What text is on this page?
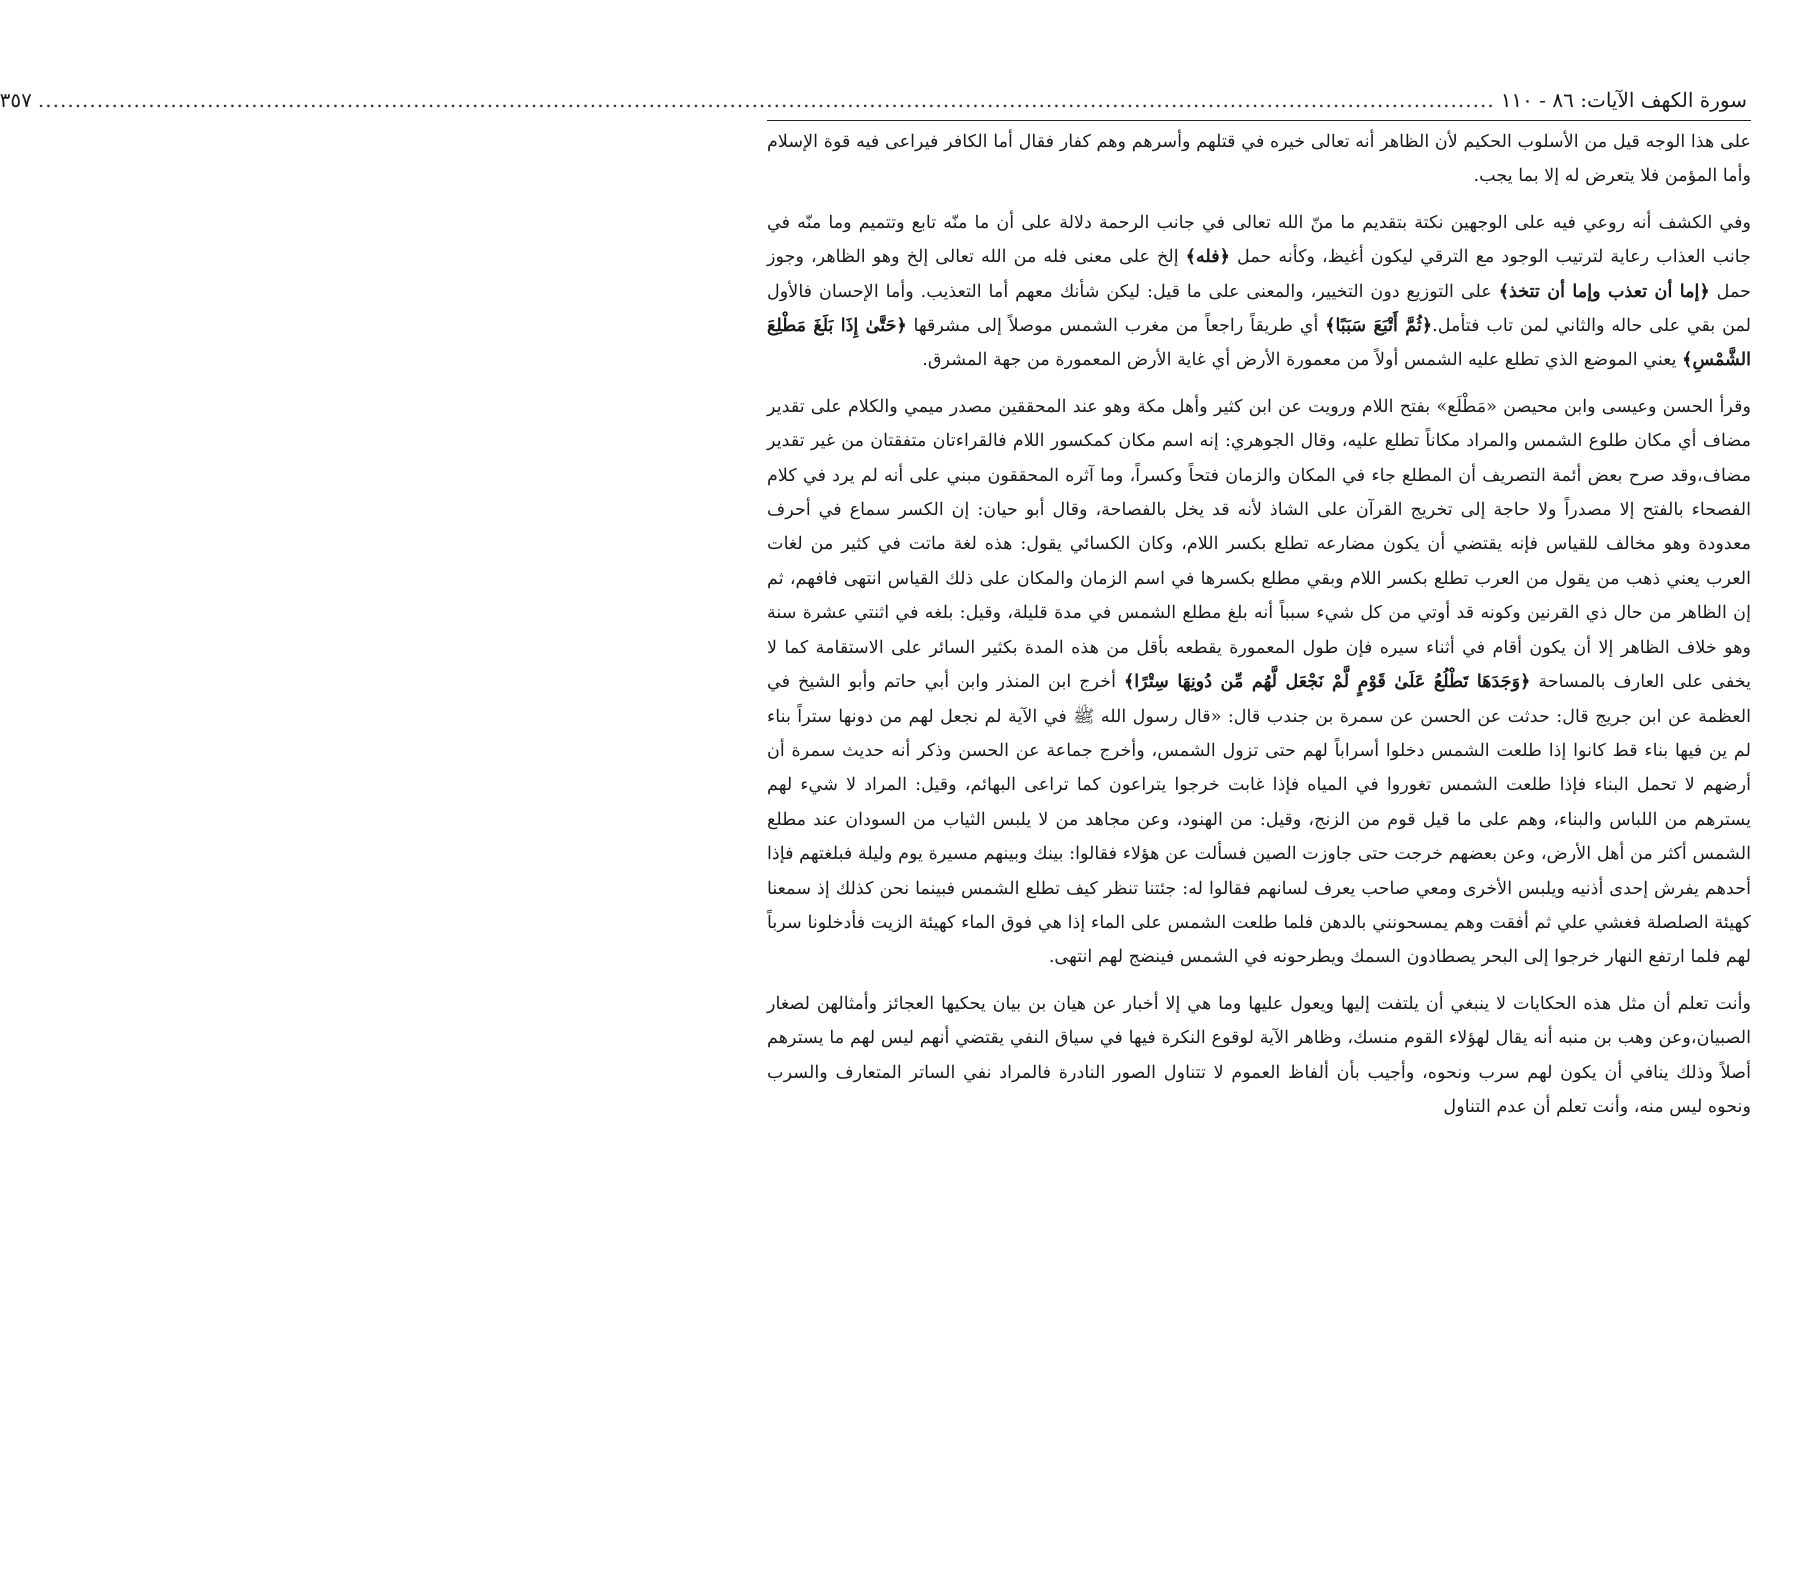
سورة الكهف الآيات: ٨٦ - ١١٠
......................................................................................................................................................................................................
٣٥٧

على هذا الوجه قيل من الأسلوب الحكيم لأن الظاهر أنه تعالى خيره في قتلهم وأسرهم وهم كفار فقال أما الكافر فيراعى فيه قوة الإسلام وأما المؤمن فلا يتعرض له إلا بما يجب.

وفي الكشف أنه روعي فيه على الوجهين نكتة بتقديم ما منّ الله تعالى في جانب الرحمة دلالة على أن ما منّه تابع وتتميم وما منّه في جانب العذاب رعاية لترتيب الوجود مع الترقي ليكون أغيظ، وكأنه حمل ﴿فله﴾ إلخ على معنى فله من الله تعالى إلخ وهو الظاهر، وجوز حمل ﴿إما أن تعذب وإما أن تتخذ﴾ على التوزيع دون التخيير، والمعنى على ما قيل: ليكن شأنك معهم أما التعذيب. وأما الإحسان فالأول لمن بقي على حاله والثاني لمن تاب فتأمل.﴿ثُمَّ أَتْبَعَ سَبَبًا﴾ أي طريقاً راجعاً من مغرب الشمس موصلاً إلى مشرقها ﴿حَتَّىٰ إِذَا بَلَغَ مَطْلِعَ الشَّمْسِ﴾ يعني الموضع الذي تطلع عليه الشمس أولاً من معمورة الأرض أي غاية الأرض المعمورة من جهة المشرق.

وقرأ الحسن وعيسى وابن محيصن «مَطْلَع» بفتح اللام ورويت عن ابن كثير وأهل مكة وهو عند المحققين مصدر ميمي والكلام على تقدير مضاف أي مكان طلوع الشمس والمراد مكاناً تطلع عليه، وقال الجوهري: إنه اسم مكان كمكسور اللام فالقراءتان متفقتان من غير تقدير مضاف،وقد صرح بعض أئمة التصريف أن المطلع جاء في المكان والزمان فتحاً وكسراً، وما آثره المحققون مبني على أنه لم يرد في كلام الفصحاء بالفتح إلا مصدراً ولا حاجة إلى تخريج القرآن على الشاذ لأنه قد يخل بالفصاحة، وقال أبو حيان: إن الكسر سماع في أحرف معدودة وهو مخالف للقياس فإنه يقتضي أن يكون مضارعه تطلع بكسر اللام، وكان الكسائي يقول: هذه لغة ماتت في كثير من لغات العرب يعني ذهب من يقول من العرب تطلع بكسر اللام وبقي مطلع بكسرها في اسم الزمان والمكان على ذلك القياس انتهى فافهم، ثم إن الظاهر من حال ذي القرنين وكونه قد أوتي من كل شيء سبباً أنه بلغ مطلع الشمس في مدة قليلة، وقيل: بلغه في اثنتي عشرة سنة وهو خلاف الظاهر إلا أن يكون أقام في أثناء سيره فإن طول المعمورة يقطعه بأقل من هذه المدة بكثير السائر على الاستقامة كما لا يخفى على العارف بالمساحة ﴿وَجَدَهَا تَطْلُعُ عَلَىٰ قَوْمٍ لَّمْ نَجْعَل لَّهُم مِّن دُونِهَا سِتْرًا﴾ أخرج ابن المنذر وابن أبي حاتم وأبو الشيخ في العظمة عن ابن جريج قال: حدثت عن الحسن عن سمرة بن جندب قال: «قال رسول الله ﷺ في الآية لم نجعل لهم من دونها ستراً بناء لم ين فيها بناء قط كانوا إذا طلعت الشمس دخلوا أسراباً لهم حتى تزول الشمس، وأخرج جماعة عن الحسن وذكر أنه حديث سمرة أن أرضهم لا تحمل البناء فإذا طلعت الشمس تغوروا في المياه فإذا غابت خرجوا يتراعون كما تراعى البهائم، وقيل: المراد لا شيء لهم يسترهم من اللباس والبناء، وهم على ما قيل قوم من الزنج، وقيل: من الهنود، وعن مجاهد من لا يلبس الثياب من السودان عند مطلع الشمس أكثر من أهل الأرض، وعن بعضهم خرجت حتى جاوزت الصين فسألت عن هؤلاء فقالوا: بينك وبينهم مسيرة يوم وليلة فبلغتهم فإذا أحدهم يفرش إحدى أذنيه ويلبس الأخرى ومعي صاحب يعرف لسانهم فقالوا له: جئتنا تنظر كيف تطلع الشمس فبينما نحن كذلك إذ سمعنا كهيئة الصلصلة فغشي علي ثم أفقت وهم يمسحونني بالدهن فلما طلعت الشمس على الماء إذا هي فوق الماء كهيئة الزيت فأدخلونا سرباً لهم فلما ارتفع النهار خرجوا إلى البحر يصطادون السمك ويطرحونه في الشمس فينضج لهم انتهى.

وأنت تعلم أن مثل هذه الحكايات لا ينبغي أن يلتفت إليها ويعول عليها وما هي إلا أخبار عن هيان بن بيان يحكيها العجائز وأمثالهن لصغار الصبيان،وعن وهب بن منبه أنه يقال لهؤلاء القوم منسك، وظاهر الآية لوقوع النكرة فيها في سياق النفي يقتضي أنهم ليس لهم ما يسترهم أصلاً وذلك ينافي أن يكون لهم سرب ونحوه، وأجيب بأن ألفاظ العموم لا تتناول الصور النادرة فالمراد نفي الساتر المتعارف والسرب ونحوه ليس منه، وأنت تعلم أن عدم التناول
